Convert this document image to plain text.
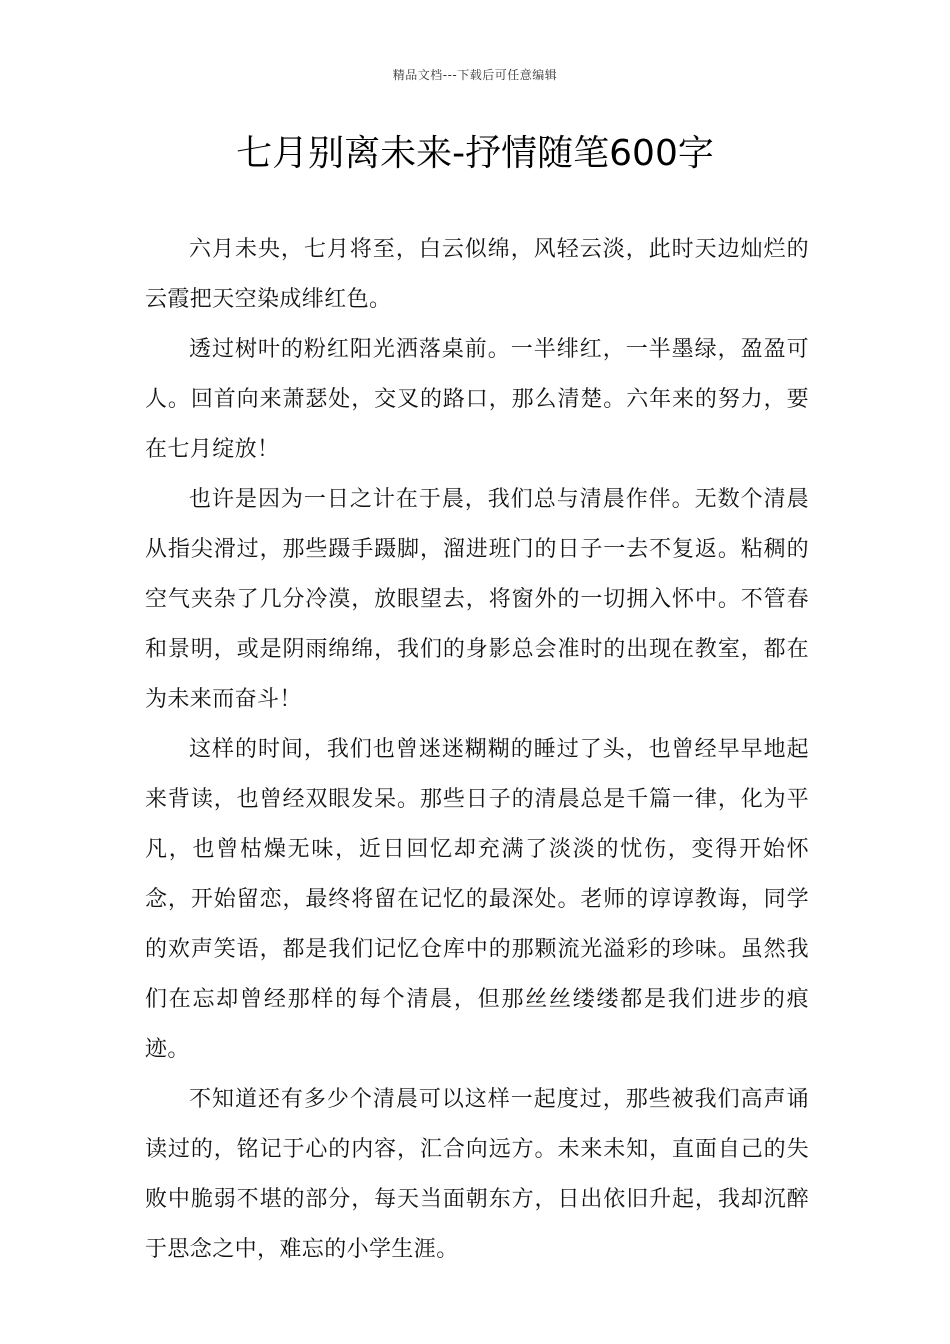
精品文档---下载后可任意编辑
七月别离未来-抒情随笔600字

六月未央，七月将至，白云似绵，风轻云淡，此时天边灿烂的云霞把天空染成绯红色。

透过树叶的粉红阳光洒落桌前。一半绯红，一半墨绿，盈盈可人。回首向来萧瑟处，交叉的路口，那么清楚。六年来的努力，要在七月绽放！

也许是因为一日之计在于晨，我们总与清晨作伴。无数个清晨从指尖滑过，那些蹑手蹑脚，溜进班门的日子一去不复返。粘稠的空气夹杂了几分冷漠，放眼望去，将窗外的一切拥入怀中。不管春和景明，或是阴雨绵绵，我们的身影总会准时的出现在教室，都在为未来而奋斗！

这样的时间，我们也曾迷迷糊糊的睡过了头，也曾经早早地起来背读，也曾经双眼发呆。那些日子的清晨总是千篇一律，化为平凡，也曾枯燥无味，近日回忆却充满了淡淡的忧伤，变得开始怀念，开始留恋，最终将留在记忆的最深处。老师的谆谆教诲，同学的欢声笑语，都是我们记忆仓库中的那颗流光溢彩的珍味。虽然我们在忘却曾经那样的每个清晨，但那丝丝缕缕都是我们进步的痕迹。

不知道还有多少个清晨可以这样一起度过，那些被我们高声诵读过的，铭记于心的内容，汇合向远方。未来未知，直面自己的失败中脆弱不堪的部分，每天当面朝东方，日出依旧升起，我却沉醉于思念之中，难忘的小学生涯。
